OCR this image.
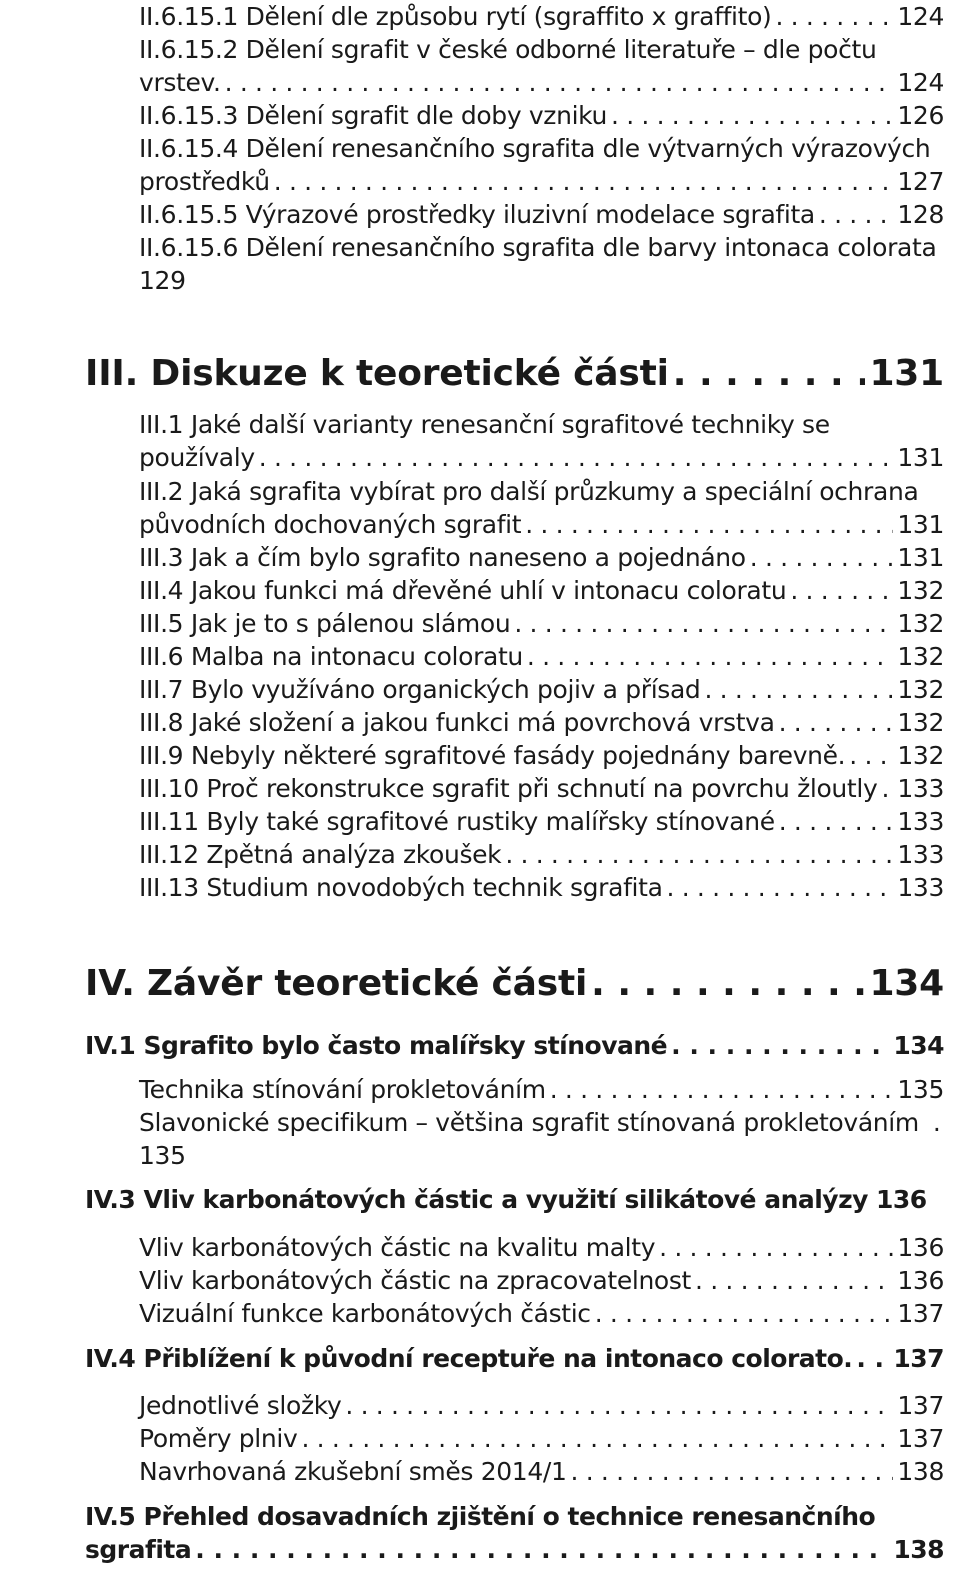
II.6.15.1 Dělení dle způsobu rytí (sgraffito x graffito) . . .	124
II.6.15.2 Dělení sgrafit v české odborné literatuře – dle počtu
vrstev. . . .	124
II.6.15.3 Dělení sgrafit dle doby vzniku . . .	126
II.6.15.4 Dělení renesančního sgrafita dle výtvarných výrazových
prostředků . . .	127
II.6.15.5 Výrazové prostředky iluzivní modelace sgrafita . . .	128
II.6.15.6 Dělení renesančního sgrafita dle barvy intonaca colorata
129
III. Diskuze k teoretické části . . .	131
III.1 Jaké další varianty renesanční sgrafitové techniky se
používaly . . .	131
III.2 Jaká sgrafita vybírat pro další průzkumy a speciální ochrana
původních dochovaných sgrafit . . .	131
III.3 Jak a čím bylo sgrafito naneseno a pojednáno . . .	131
III.4 Jakou funkci má dřevěné uhlí v intonacu coloratu . . .	132
III.5 Jak je to s pálenou slámou . . .	132
III.6 Malba na intonacu coloratu . . .	132
III.7 Bylo využíváno organických pojiv a přísad . . .	132
III.8 Jaké složení a jakou funkci má povrchová vrstva . . .	132
III.9 Nebyly některé sgrafitové fasády pojednány barevně. . . . 132
III.10 Proč rekonstrukce sgrafit při schnutí na povrchu žloutly . . . 133
III.11 Byly také sgrafitové rustiky malířsky stínované . . .	133
III.12 Zpětná analýza zkoušek . . .	133
III.13 Studium novodobých technik sgrafita . . .	133
IV. Závěr teoretické části . . .	134
IV.1 Sgrafito bylo často malířsky stínované . . .	134
Technika stínování prokletováním . . .	135
Slavonické specifikum – většina sgrafit stínovaná prokletováním .
135
IV.3 Vliv karbonátových částic a využití silikátové analýzy 136
Vliv karbonátových částic na kvalitu malty . . .	136
Vliv karbonátových částic na zpracovatelnost . . .	136
Vizuální funkce karbonátových částic . . .	137
IV.4 Přiblížení k původní receptuře na intonaco colorato. . . . 137
Jednotlivé složky . . .	137
Poměry plniv . . .	137
Navrhovaná zkušební směs 2014/1 . . .	138
IV.5 Přehled dosavadních zjištění o technice renesančního
sgrafita . . .	138
